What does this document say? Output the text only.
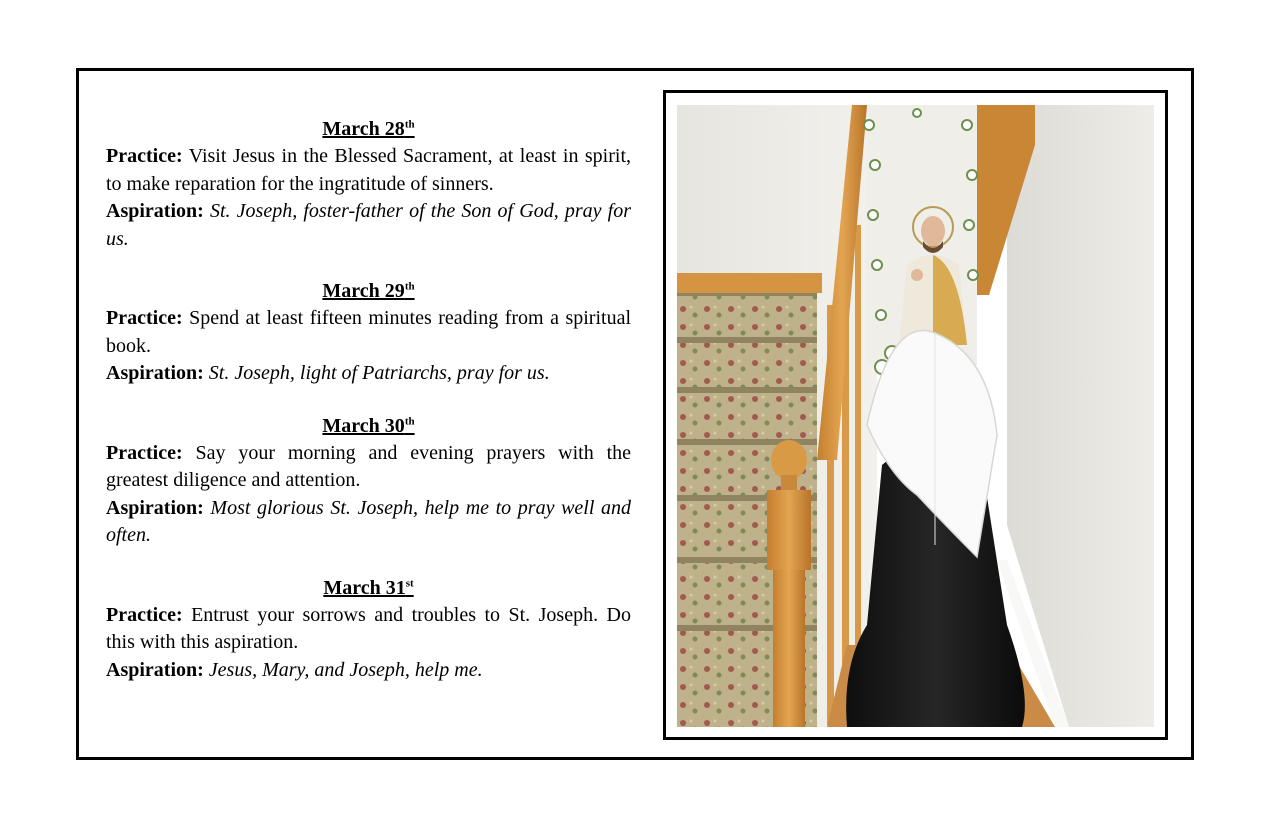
March 28th
Practice: Visit Jesus in the Blessed Sacrament, at least in spirit, to make reparation for the ingratitude of sinners.
Aspiration: St. Joseph, foster-father of the Son of God, pray for us.
March 29th
Practice: Spend at least fifteen minutes reading from a spiritual book.
Aspiration: St. Joseph, light of Patriarchs, pray for us.
March 30th
Practice: Say your morning and evening prayers with the greatest diligence and attention.
Aspiration: Most glorious St. Joseph, help me to pray well and often.
March 31st
Practice: Entrust your sorrows and troubles to St. Joseph. Do this with this aspiration.
Aspiration: Jesus, Mary, and Joseph, help me.
